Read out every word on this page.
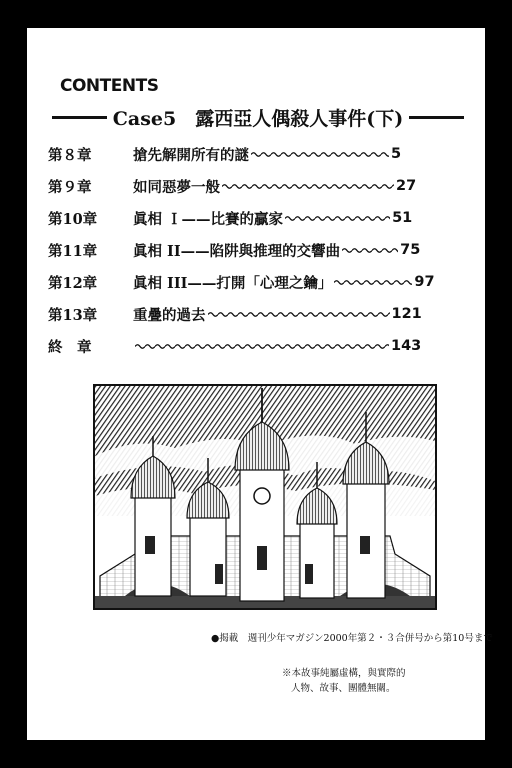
CONTENTS
Case5　露西亞人偶殺人事件(下)
第８章	搶先解開所有的謎	5
第９章	如同惡夢一般	27
第10章	眞相 Ｉ——比賽的贏家	51
第11章	眞相 II——陷阱與推理的交響曲	75
第12章	眞相 III——打開「心理之鑰」	97
第13章	重疊的過去	121
終　章	143
●揭載　週刊少年マガジン2000年第２・３合併号から第10号まで
※本故事純屬虛構，與實際的
人物、故事、團體無關。
